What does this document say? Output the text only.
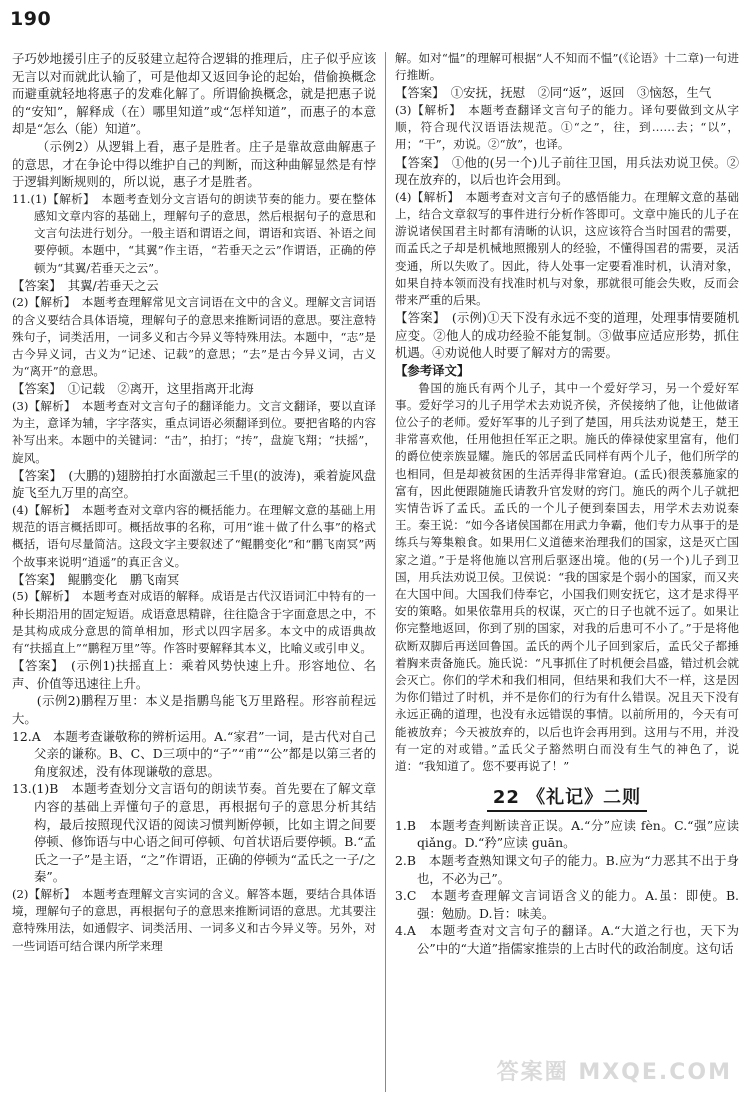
190

子巧妙地援引庄子的反驳建立起符合逻辑的推理后，庄子似乎应该无言以对而就此认输了，可是他却又返回争论的起始，借偷换概念而避重就轻地将惠子的发难化解了。所谓偷换概念，就是把惠子说的“安知”，解释成（在）哪里知道”或“怎样知道”，而惠子的本意却是“怎么（能）知道”。

（示例2）从逻辑上看，惠子是胜者。庄子是靠故意曲解惠子的意思，才在争论中得以维护自己的判断，而这种曲解显然是有悖于逻辑判断规则的，所以说，惠子才是胜者。

11.(1)【解析】　本题考查划分文言语句的朗读节奏的能力。要在整体感知文章内容的基础上，理解句子的意思，然后根据句子的意思和文言句法进行划分。一般主语和谓语之间，谓语和宾语、补语之间要停顿。本题中，“其翼”作主语，“若垂天之云”作谓语，正确的停顿为“其翼/若垂天之云”。

【答案】　其翼/若垂天之云

(2)【解析】　本题考查理解常见文言词语在文中的含义。理解文言词语的含义要结合具体语境，理解句子的意思来推断词语的意思。要注意特殊句子，词类活用，一词多义和古今异义等特殊用法。本题中，“志”是古今异义词，古义为“记述、记载”的意思；“去”是古今异义词，古义为“离开”的意思。

【答案】　①记载　②离开，这里指离开北海

(3)【解析】　本题考查对文言句子的翻译能力。文言文翻译，要以直译为主，意译为辅，字字落实，重点词语必须翻译到位。要把省略的内容补写出来。本题中的关键词：“击”，拍打；“抟”，盘旋飞翔；“扶摇”，旋风。

【答案】　(大鹏的)翅膀拍打水面激起三千里(的波涛)，乘着旋风盘旋飞至九万里的高空。

(4)【解析】　本题考查对文章内容的概括能力。在理解文意的基础上用规范的语言概括即可。概括故事的名称，可用“谁＋做了什么事”的格式概括，语句尽量简洁。这段文字主要叙述了“鲲鹏变化”和“鹏飞南冥”两个故事来说明“逍遥”的真正含义。

【答案】　鲲鹏变化　鹏飞南冥

(5)【解析】　本题考查对成语的解释。成语是古代汉语词汇中特有的一种长期沿用的固定短语。成语意思精辟，往往隐含于字面意思之中，不是其构成成分意思的简单相加，形式以四字居多。本文中的成语典故有“扶摇直上”“鹏程万里”等。作答时要解释其本义，比喻义或引申义。

【答案】　(示例1)扶摇直上：乘着风势快速上升。形容地位、名声、价值等迅速往上升。

(示例2)鹏程万里：本义是指鹏鸟能飞万里路程。形容前程远大。

12.A　本题考查谦敬称的辨析运用。A.“家君”一词，是古代对自己父亲的谦称。B、C、D三项中的“子”“甫”“公”都是以第三者的角度叙述，没有体现谦敬的意思。

13.(1)B　本题考查划分文言语句的朗读节奏。首先要在了解文章内容的基础上弄懂句子的意思，再根据句子的意思分析其结构，最后按照现代汉语的阅读习惯判断停顿，比如主谓之间要停顿、修饰语与中心语之间可停顿、句首状语后要停顿。B.“孟氏之一子”是主语，“之”作谓语，正确的停顿为“孟氏之一子/之秦”。

(2)【解析】　本题考查理解文言实词的含义。解答本题，要结合具体语境，理解句子的意思，再根据句子的意思来推断词语的意思。尤其要注意特殊用法，如通假字、词类活用、一词多义和古今异义等。另外，对一些词语可结合课内所学来理

解。如对“愠”的理解可根据“人不知而不愠”(《论语》十二章)一句进行推断。

【答案】　①安抚，抚慰　②同“返”，返回　③恼怒，生气

(3)【解析】　本题考查翻译文言句子的能力。译句要做到文从字顺，符合现代汉语语法规范。①“之”，往，到……去；“以”，用；“干”，劝说。②“放”，也译。

【答案】　①他的(另一个)儿子前往卫国，用兵法劝说卫侯。②现在放弃的，以后也许会用到。

(4)【解析】　本题考查对文言句子的感悟能力。在理解文意的基础上，结合文章叙写的事件进行分析作答即可。文章中施氏的儿子在游说诸侯国君主时都有清晰的认识，这应该符合当时国君的需要，而孟氏之子却是机械地照搬别人的经验，不懂得国君的需要，灵活变通，所以失败了。因此，待人处事一定要看准时机，认清对象，如果自持本领而没有找准时机与对象，那就很可能会失败，反而会带来严重的后果。

【答案】　(示例)①天下没有永远不变的道理，处理事情要随机应变。②他人的成功经验不能复制。③做事应适应形势，抓住机遇。④劝说他人时要了解对方的需要。

【参考译文】

鲁国的施氏有两个儿子，其中一个爱好学习，另一个爱好军事。爱好学习的儿子用学术去劝说齐侯，齐侯接纳了他，让他做诸位公子的老师。爱好军事的儿子到了楚国，用兵法劝说楚王，楚王非常喜欢他，任用他担任军正之职。施氏的俸禄使家里富有，他们的爵位使亲族显耀。施氏的邻居孟氏同样有两个儿子，他们所学的也相同，但是却被贫困的生活弄得非常窘迫。(孟氏)很羡慕施家的富有，因此便跟随施氏请教升官发财的窍门。施氏的两个儿子就把实情告诉了孟氏。孟氏的一个儿子便到秦国去，用学术去劝说秦王。秦王说：“如今各诸侯国都在用武力争霸，他们专力从事于的是练兵与筹集粮食。如果用仁义道德来治理我们的国家，这是灭亡国家之道。”于是将他施以宫刑后驱逐出境。他的(另一个)儿子到卫国，用兵法劝说卫侯。卫侯说：“我的国家是个弱小的国家，而又夹在大国中间。大国我们侍奉它，小国我们则安抚它，这才是求得平安的策略。如果依靠用兵的权谋，灭亡的日子也就不远了。如果让你完整地返回，你到了别的国家，对我的后患可不小了。”于是将他砍断双脚后再送回鲁国。孟氏的两个儿子回到家后，孟氏父子都捶着胸来责备施氏。施氏说：“凡事抓住了时机便会昌盛，错过机会就会灭亡。你们的学术和我们相同，但结果和我们大不一样，这是因为你们错过了时机，并不是你们的行为有什么错误。况且天下没有永远正确的道理，也没有永远错误的事情。以前所用的，今天有可能被放弃；今天被放弃的，以后也许会再用到。这用与不用，并没有一定的对或错。”孟氏父子豁然明白而没有生气的神色了，说道：“我知道了。您不要再说了！”

22 《礼记》二则

1.B　本题考查判断读音正误。A.“分”应读 fèn。C.“强”应读 qiǎng。D.“矜”应读 guān。

2.B　本题考查熟知课文句子的能力。B.应为“力恶其不出于身也，不必为己”。

3.C　本题考查理解文言词语含义的能力。A.虽：即使。B.强：勉励。D.旨：味美。

4.A　本题考查对文言句子的翻译。A.“大道之行也，天下为公”中的“大道”指儒家推崇的上古时代的政治制度。这句话

答案圈 MXQE.COM
